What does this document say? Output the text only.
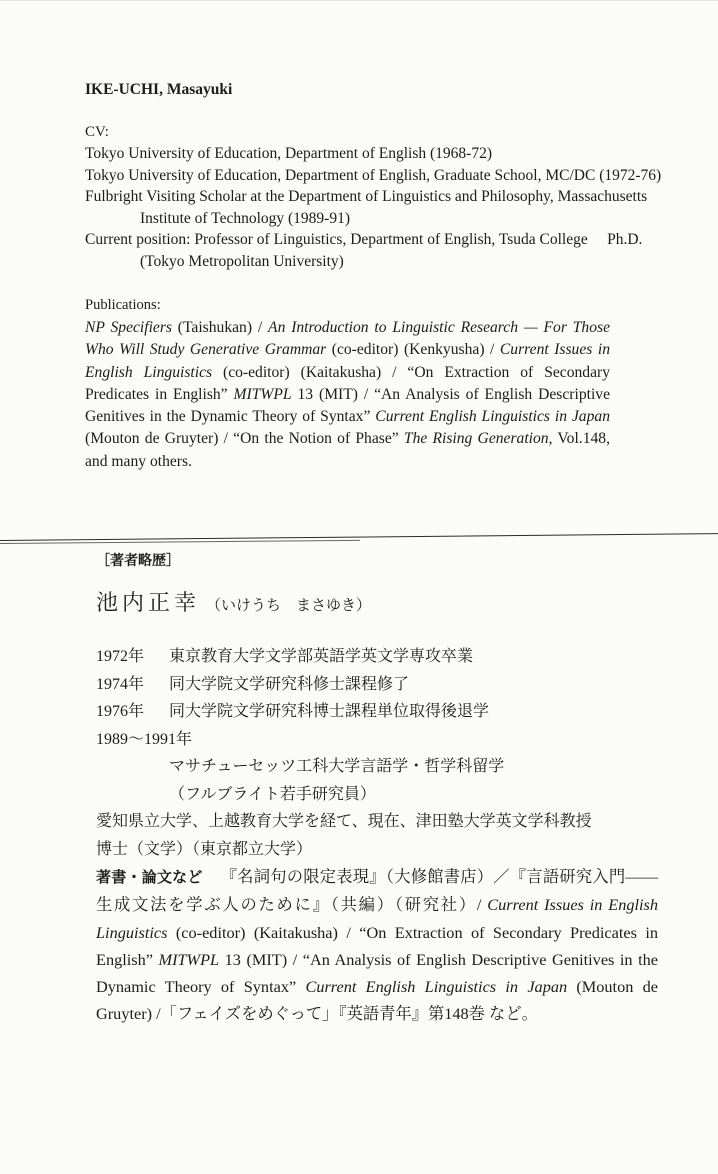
IKE-UCHI, Masayuki
CV:
Tokyo University of Education, Department of English (1968-72)
Tokyo University of Education, Department of English, Graduate School, MC/DC (1972-76)
Fulbright Visiting Scholar at the Department of Linguistics and Philosophy, Massachusetts Institute of Technology (1989-91)
Current position: Professor of Linguistics, Department of English, Tsuda College  Ph.D. (Tokyo Metropolitan University)
Publications:
NP Specifiers (Taishukan) / An Introduction to Linguistic Research — For Those Who Will Study Generative Grammar (co-editor) (Kenkyusha) / Current Issues in English Linguistics (co-editor) (Kaitakusha) / “On Extraction of Secondary Predicates in English” MITWPL 13 (MIT) / “An Analysis of English Descriptive Genitives in the Dynamic Theory of Syntax” Current English Linguistics in Japan (Mouton de Gruyter) / “On the Notion of Phase” The Rising Generation, Vol.148, and many others.
［著者略歴］
池内正幸 （いけうち　まさゆき）
1972年	東京教育大学文学部英語学英文学専攻卒業
1974年	同大学院文学研究科修士課程修了
1976年	同大学院文学研究科博士課程単位取得後退学
1989～1991年
マサチューセッツ工科大学言語学・哲学科留学
（フルブライト若手研究員）
愛知県立大学、上越教育大学を経て、現在、津田塾大学英文学科教授
博士（文学）（東京都立大学）
著書・論文など 『名詞句の限定表現』（大修館書店）／『言語研究入門――生成文法を学ぶ人のために』（共編）（研究社）/ Current Issues in English Linguistics (co-editor) (Kaitakusha) / “On Extraction of Secondary Predicates in English” MITWPL 13 (MIT) / “An Analysis of English Descriptive Genitives in the Dynamic Theory of Syntax” Current English Linguistics in Japan (Mouton de Gruyter) /「フェイズをめぐって」『英語青年』第148巻 など。
